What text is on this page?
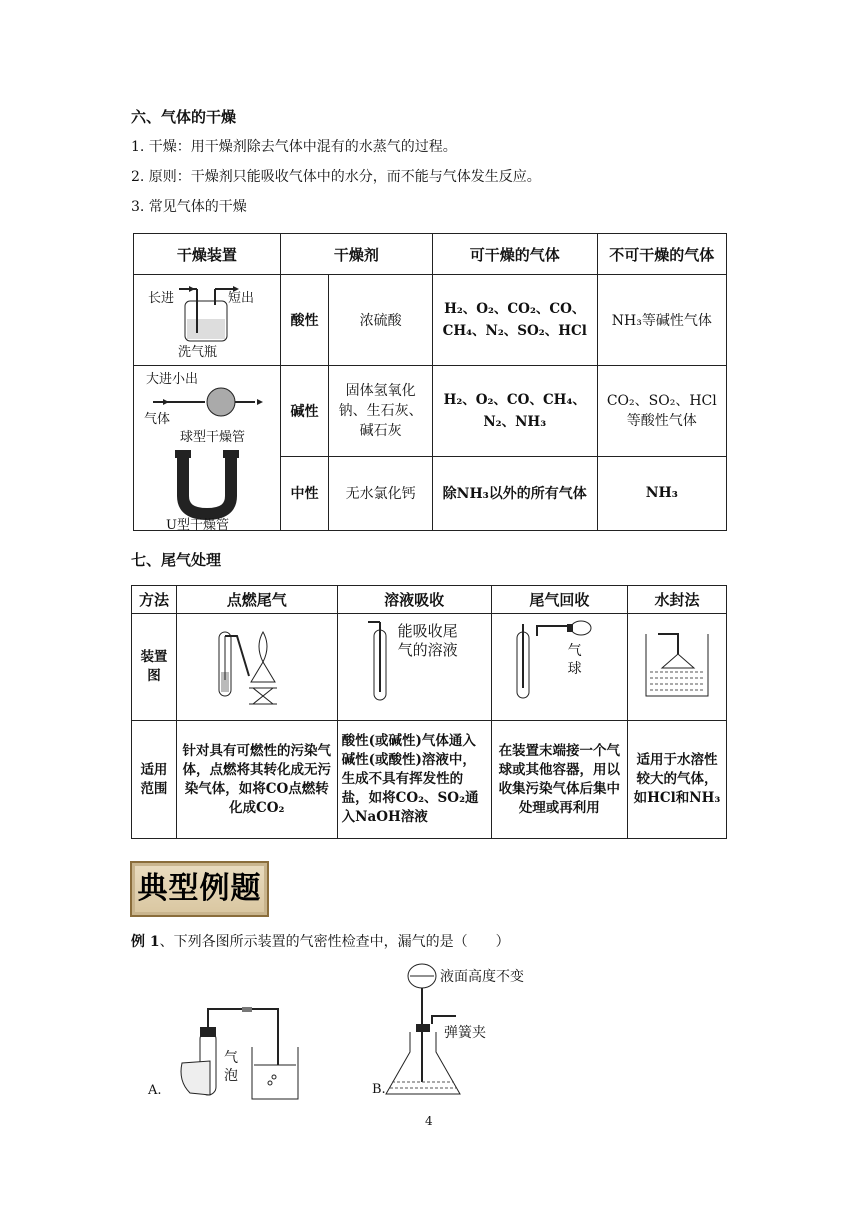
六、气体的干燥
1. 干燥：用干燥剂除去气体中混有的水蒸气的过程。
2. 原则：干燥剂只能吸收气体中的水分，而不能与气体发生反应。
3. 常见气体的干燥
干燥装置	干燥剂		可干燥的气体	不可干燥的气体

长进 短出
洗气瓶	酸性	浓硫酸	H₂、O₂、CO₂、CO、CH₄、N₂、SO₂、HCl	NH₃等碱性气体

大进小出
气体
球型干燥管
U型干燥管	碱性	固体氢氧化钠、生石灰、碱石灰	H₂、O₂、CO、CH₄、N₂、NH₃	CO₂、SO₂、HCl等酸性气体
	中性	无水氯化钙	除NH₃以外的所有气体	NH₃
七、尾气处理
方法	点燃尾气	溶液吸收	尾气回收	水封法
装置图		能吸收尾气的溶液	气球

适用范围	针对具有可燃性的污染气体，点燃将其转化成无污染气体，如将CO点燃转化成CO₂	酸性(或碱性)气体通入碱性(或酸性)溶液中，生成不具有挥发性的盐，如将CO₂、SO₂通入NaOH溶液	在装置末端接一个气球或其他容器，用以收集污染气体后集中处理或再利用	适用于水溶性较大的气体，如HCl和NH₃
典型例题
例 1、下列各图所示装置的气密性检查中，漏气的是（　　）
气泡
A.
液面高度不变
弹簧夹
B.
4
